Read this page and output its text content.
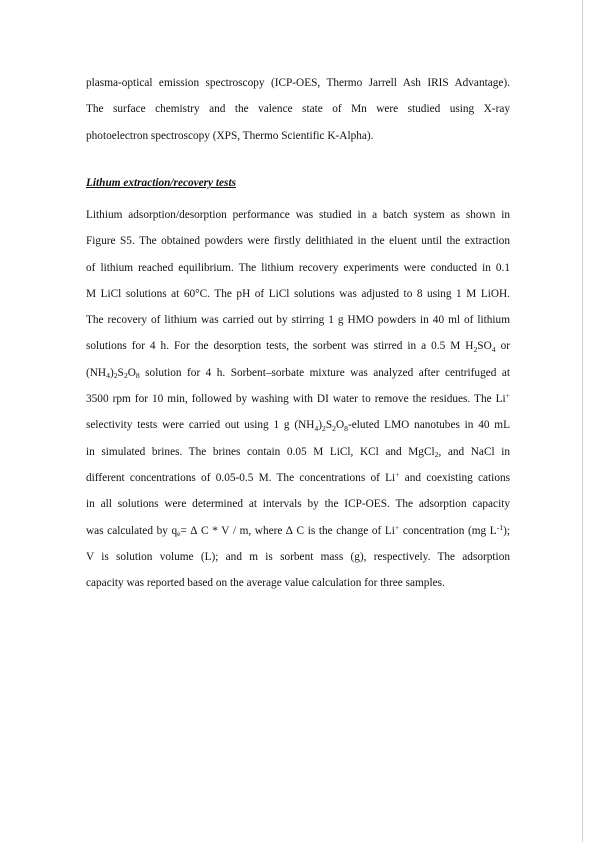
plasma-optical emission spectroscopy (ICP-OES, Thermo Jarrell Ash IRIS Advantage).
The surface chemistry and the valence state of Mn were studied using X-ray
photoelectron spectroscopy (XPS, Thermo Scientific K-Alpha).
Lithum extraction/recovery tests
Lithium adsorption/desorption performance was studied in a batch system as shown in
Figure S5. The obtained powders were firstly delithiated in the eluent until the extraction
of lithium reached equilibrium. The lithium recovery experiments were conducted in 0.1
M LiCl solutions at 60°C. The pH of LiCl solutions was adjusted to 8 using 1 M LiOH.
The recovery of lithium was carried out by stirring 1 g HMO powders in 40 ml of lithium
solutions for 4 h. For the desorption tests, the sorbent was stirred in a 0.5 M $H_2SO_4$ or
$(NH_4)_2S_2O_8$ solution for 4 h. Sorbent–sorbate mixture was analyzed after centrifuged at
3500 rpm for 10 min, followed by washing with DI water to remove the residues. The Li+
selectivity tests were carried out using 1 g $(NH_4)_2S_2O_8$-eluted LMO nanotubes in 40 mL
in simulated brines. The brines contain 0.05 M LiCl, KCl and MgCl$_2$, and NaCl in
different concentrations of 0.05-0.5 M. The concentrations of Li+ and coexisting cations
in all solutions were determined at intervals by the ICP-OES. The adsorption capacity
was calculated by $q_e=$ ∆ C * V / m, where ∆ C is the change of Li+ concentration (mg $L^{-1}$);
V is solution volume (L); and m is sorbent mass (g), respectively. The adsorption
capacity was reported based on the average value calculation for three samples.
